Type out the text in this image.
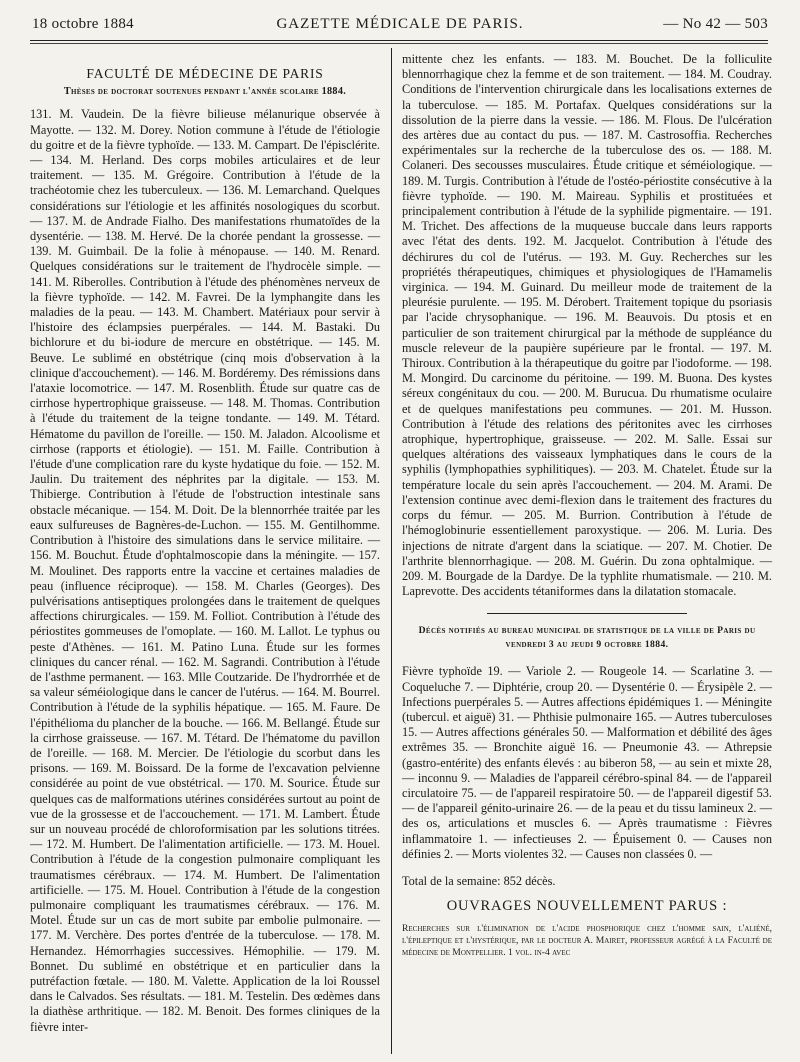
18 octobre 1884	GAZETTE MÉDICALE DE PARIS.	— No 42 — 503
FACULTÉ DE MÉDECINE DE PARIS
Thèses de doctorat soutenues pendant l'année scolaire 1884.

131. M. Vaudein. De la fièvre bilieuse mélanurique observée à Mayotte. — 132. M. Dorey. Notion commune à l'étude de l'étiologie du goitre et de la fièvre typhoïde. — 133. M. Campart. De l'épisclérite. — 134. M. Herland. Des corps mobiles articulaires et de leur traitement. — 135. M. Grégoire. Contribution à l'étude de la trachéotomie chez les tuberculeux. — 136. M. Lemarchand. Quelques considérations sur l'étiologie et les affinités nosologiques du scorbut. — 137. M. de Andrade Fialho. Des manifestations rhumatoïdes de la dysentérie. — 138. M. Hervé. De la chorée pendant la grossesse. — 139. M. Guimbail. De la folie à ménopause. — 140. M. Renard. Quelques considérations sur le traitement de l'hydrocèle simple. — 141. M. Riberolles. Contribution à l'étude des phénomènes nerveux de la fièvre typhoïde. — 142. M. Favrei. De la lymphangite dans les maladies de la peau. — 143. M. Chambert. Matériaux pour servir à l'histoire des éclampsies puerpérales. — 144. M. Bastaki. Du bichlorure et du bi-iodure de mercure en obstétrique. — 145. M. Beuve. Le sublimé en obstétrique (cinq mois d'observation à la clinique d'accouchement). — 146. M. Bordéremy. Des rémissions dans l'ataxie locomotrice. — 147. M. Rosenblith. Étude sur quatre cas de cirrhose hypertrophique graisseuse. — 148. M. Thomas. Contribution à l'étude du traitement de la teigne tondante. — 149. M. Tétard. Hématome du pavillon de l'oreille. — 150. M. Jaladon. Alcoolisme et cirrhose (rapports et étiologie). — 151. M. Faille. Contribution à l'étude d'une complication rare du kyste hydatique du foie. — 152. M. Jaulin. Du traitement des néphrites par la digitale. — 153. M. Thibierge. Contribution à l'étude de l'obstruction intestinale sans obstacle mécanique. — 154. M. Doit. De la blennorrhée traitée par les eaux sulfureuses de Bagnères-de-Luchon. — 155. M. Gentilhomme. Contribution à l'histoire des simulations dans le service militaire. — 156. M. Bouchut. Étude d'ophtalmoscopie dans la méningite. — 157. M. Moulinet. Des rapports entre la vaccine et certaines maladies de peau (influence réciproque). — 158. M. Charles (Georges). Des pulvérisations antiseptiques prolongées dans le traitement de quelques affections chirurgicales. — 159. M. Folliot. Contribution à l'étude des périostites gommeuses de l'omoplate. — 160. M. Lallot. Le typhus ou peste d'Athènes. — 161. M. Patino Luna. Étude sur les formes cliniques du cancer rénal. — 162. M. Sagrandi. Contribution à l'étude de l'asthme permanent. — 163. Mlle Coutzaride. De l'hydrorrhée et de sa valeur séméiologique dans le cancer de l'utérus. — 164. M. Bourrel. Contribution à l'étude de la syphilis hépatique. — 165. M. Faure. De l'épithélioma du plancher de la bouche. — 166. M. Bellangé. Étude sur la cirrhose graisseuse. — 167. M. Tétard. De l'hématome du pavillon de l'oreille. — 168. M. Mercier. De l'étiologie du scorbut dans les prisons. — 169. M. Boissard. De la forme de l'excavation pelvienne considérée au point de vue obstétrical. — 170. M. Sourice. Étude sur quelques cas de malformations utérines considérées surtout au point de vue de la grossesse et de l'accouchement. — 171. M. Lambert. Étude sur un nouveau procédé de chloroformisation par les solutions titrées. — 172. M. Humbert. De l'alimentation artificielle. — 173. M. Houel. Contribution à l'étude de la congestion pulmonaire compliquant les traumatismes cérébraux. — 174. M. Humbert. De l'alimentation artificielle. — 175. M. Houel. Contribution à l'étude de la congestion pulmonaire compliquant les traumatismes cérébraux. — 176. M. Motel. Étude sur un cas de mort subite par embolie pulmonaire. — 177. M. Verchère. Des portes d'entrée de la tuberculose. — 178. M. Hernandez. Hémorrhagies successives. Hémophilie. — 179. M. Bonnet. Du sublimé en obstétrique et en particulier dans la putréfaction fœtale. — 180. M. Valette. Application de la loi Roussel dans le Calvados. Ses résultats. — 181. M. Testelin. Des œdèmes dans la diathèse arthritique. — 182. M. Benoit. Des formes cliniques de la fièvre inter-

mittente chez les enfants. — 183. M. Bouchet. De la folliculite blennorrhagique chez la femme et de son traitement. — 184. M. Coudray. Conditions de l'intervention chirurgicale dans les localisations externes de la tuberculose. — 185. M. Portafax. Quelques considérations sur la dissolution de la pierre dans la vessie. — 186. M. Flous. De l'ulcération des artères due au contact du pus. — 187. M. Castrosoffia. Recherches expérimentales sur la recherche de la tuberculose des os. — 188. M. Colaneri. Des secousses musculaires. Étude critique et séméiologique. — 189. M. Turgis. Contribution à l'étude de l'ostéo-périostite consécutive à la fièvre typhoïde. — 190. M. Maireau. Syphilis et prostituées et principalement contribution à l'étude de la syphilide pigmentaire. — 191. M. Trichet. Des affections de la muqueuse buccale dans leurs rapports avec l'état des dents. 192. M. Jacquelot. Contribution à l'étude des déchirures du col de l'utérus. — 193. M. Guy. Recherches sur les propriétés thérapeutiques, chimiques et physiologiques de l'Hamamelis virginica. — 194. M. Guinard. Du meilleur mode de traitement de la pleurésie purulente. — 195. M. Dérobert. Traitement topique du psoriasis par l'acide chrysophanique. — 196. M. Beauvois. Du ptosis et en particulier de son traitement chirurgical par la méthode de suppléance du muscle releveur de la paupière supérieure par le frontal. — 197. M. Thiroux. Contribution à la thérapeutique du goitre par l'iodoforme. — 198. M. Mongird. Du carcinome du péritoine. — 199. M. Buona. Des kystes séreux congénitaux du cou. — 200. M. Burucua. Du rhumatisme oculaire et de quelques manifestations peu communes. — 201. M. Husson. Contribution à l'étude des relations des péritonites avec les cirrhoses atrophique, hypertrophique, graisseuse. — 202. M. Salle. Essai sur quelques altérations des vaisseaux lymphatiques dans le cours de la syphilis (lymphopathies syphilitiques). — 203. M. Chatelet. Étude sur la température locale du sein après l'accouchement. — 204. M. Arami. De l'extension continue avec demi-flexion dans le traitement des fractures du corps du fémur. — 205. M. Burrion. Contribution à l'étude de l'hémoglobinurie essentiellement paroxystique. — 206. M. Luria. Des injections de nitrate d'argent dans la sciatique. — 207. M. Chotier. De l'arthrite blennorrhagique. — 208. M. Guérin. Du zona ophtalmique. — 209. M. Bourgade de la Dardye. De la typhlite rhumatismale. — 210. M. Laprevotte. Des accidents tétaniformes dans la dilatation stomacale.

Décès notifiés au bureau municipal de statistique de la ville de Paris du vendredi 3 au jeudi 9 octobre 1884.

Fièvre typhoïde 19. — Variole 2. — Rougeole 14. — Scarlatine 3. — Coqueluche 7. — Diphtérie, croup 20. — Dysentérie 0. — Érysipèle 2. — Infections puerpérales 5. — Autres affections épidémiques 1. — Méningite (tubercul. et aiguë) 31. — Phthisie pulmonaire 165. — Autres tuberculoses 15. — Autres affections générales 50. — Malformation et débilité des âges extrêmes 35. — Bronchite aiguë 16. — Pneumonie 43. — Athrepsie (gastro-entérite) des enfants élevés : au biberon 58, — au sein et mixte 28, — inconnu 9. — Maladies de l'appareil cérébro-spinal 84. — de l'appareil circulatoire 75. — de l'appareil respiratoire 50. — de l'appareil digestif 53. — de l'appareil génito-urinaire 26. — de la peau et du tissu lamineux 2. — des os, articulations et muscles 6. — Après traumatisme : Fièvres inflammatoire 1. — infectieuses 2. — Épuisement 0. — Causes non définies 2. — Morts violentes 32. — Causes non classées 0. —

Total de la semaine: 852 décès.

OUVRAGES NOUVELLEMENT PARUS :

Recherches sur l'élimination de l'acide phosphorique chez l'homme sain, l'aliéné, l'épileptique et l'hystérique, par le docteur A. Mairet, professeur agrégé à la Faculté de médecine de Montpellier. 1 vol. in-4 avec
